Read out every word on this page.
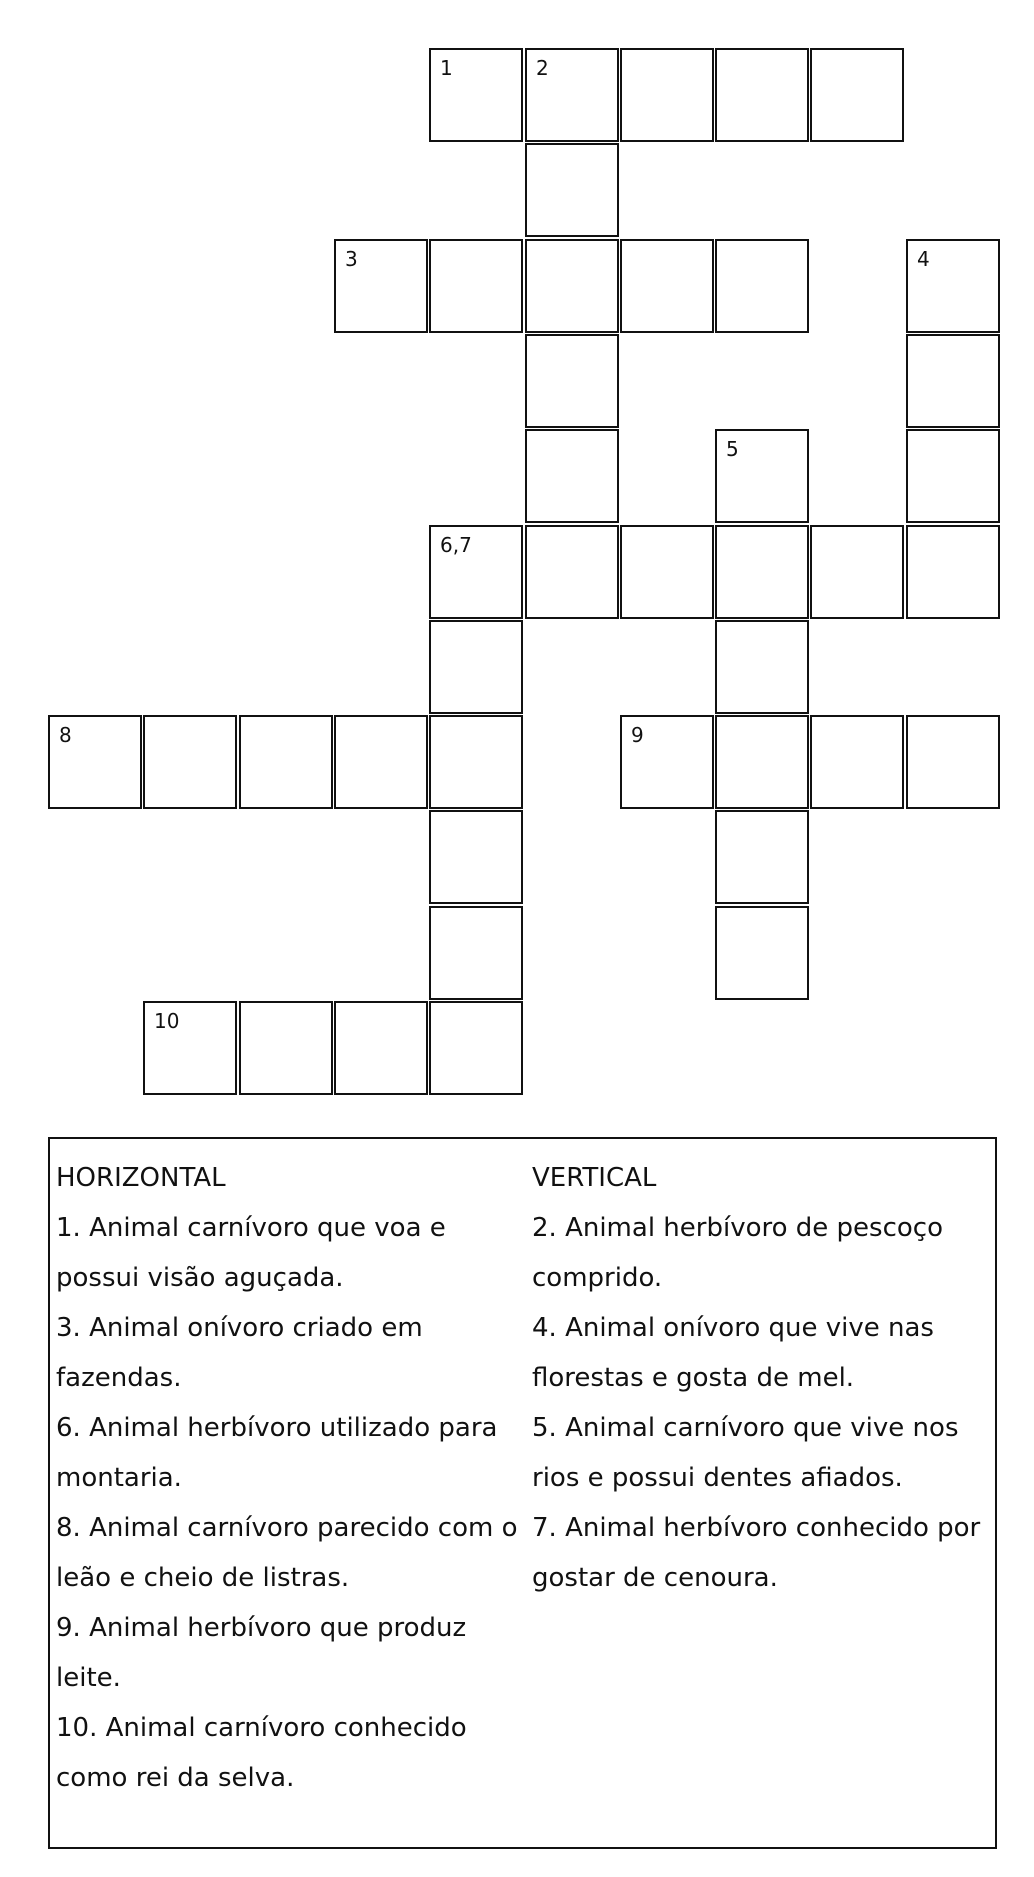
1	2
3	4
5
6,7
8	9
10
HORIZONTAL

1. Animal carnívoro que voa e possui visão aguçada.

3. Animal onívoro criado em fazendas.

6. Animal herbívoro utilizado para montaria.

8. Animal carnívoro parecido com o leão e cheio de listras.

9. Animal herbívoro que produz leite.

10. Animal carnívoro conhecido como rei da selva.

VERTICAL

2. Animal herbívoro de pescoço comprido.

4. Animal onívoro que vive nas florestas e gosta de mel.

5. Animal carnívoro que vive nos rios e possui dentes afiados.

7. Animal herbívoro conhecido por gostar de cenoura.
